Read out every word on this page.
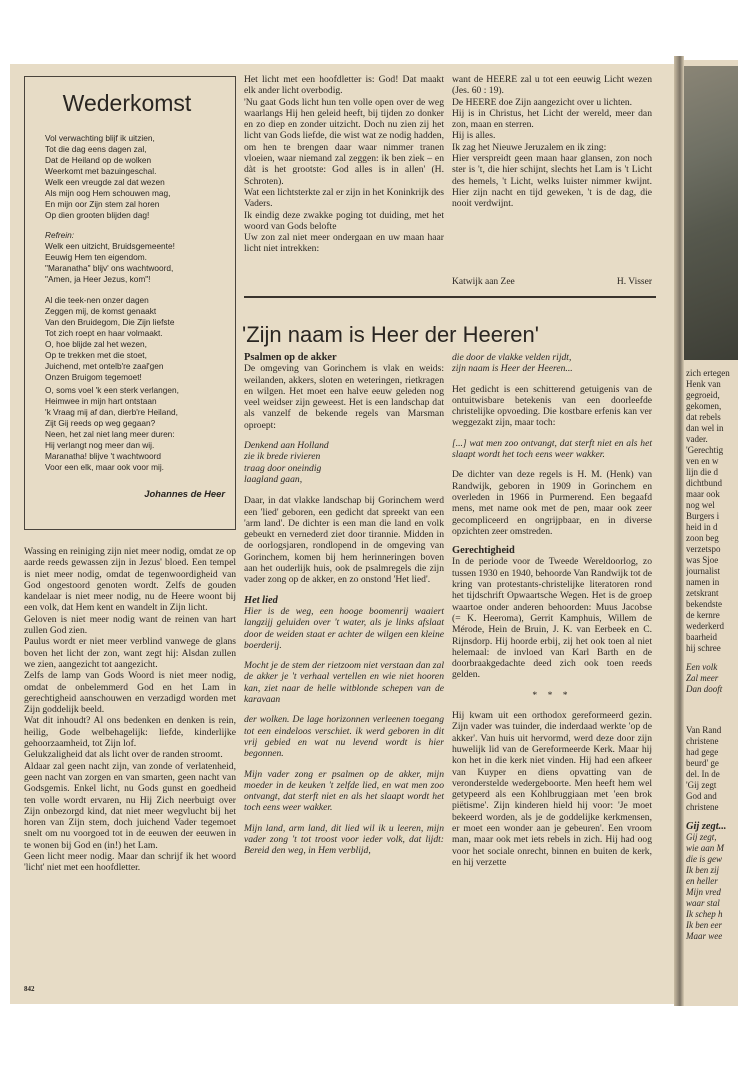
Wederkomst
Vol verwachting blijf ik uitzien,
Tot die dag eens dagen zal,
Dat de Heiland op de wolken
Weerkomt met bazuingeschal.
Welk een vreugde zal dat wezen
Als mijn oog Hem schouwen mag,
En mijn oor Zijn stem zal horen
Op dien grooten blijden dag!
Refrein:
Welk een uitzicht, Bruidsgemeente!
Eeuwig Hem ten eigendom.
"Maranatha" blijv' ons wachtwoord,
"Amen, ja Heer Jezus, kom"!
Al die teek-nen onzer dagen
Zeggen mij, de komst genaakt
Van den Bruidegom, Die Zijn liefste
Tot zich roept en haar volmaakt.
O, hoe blijde zal het wezen,
Op te trekken met die stoet,
Juichend, met ontelb're zaal'gen
Onzen Bruigom tegemoet!
O, soms voel 'k een sterk verlangen,
Heimwee in mijn hart ontstaan
'k Vraag mij af dan, dierb're Heiland,
Zijt Gij reeds op weg gegaan?
Neen, het zal niet lang meer duren:
Hij verlangt nog meer dan wij.
Maranatha! blijve 't wachtwoord
Voor een elk, maar ook voor mij.
Johannes de Heer

Wassing en reiniging zijn niet meer nodig, omdat ze op aarde reeds gewassen zijn in Jezus' bloed. Een tempel is niet meer nodig, omdat de tegenwoordigheid van God ongestoord genoten wordt. Zelfs de gouden kandelaar is niet meer nodig, nu de Heere woont bij een volk, dat Hem kent en wandelt in Zijn licht.

Geloven is niet meer nodig want de reinen van hart zullen God zien.

Paulus wordt er niet meer verblind vanwege de glans boven het licht der zon, want zegt hij: Alsdan zullen we zien, aangezicht tot aangezicht.

Zelfs de lamp van Gods Woord is niet meer nodig, omdat de onbelemmerd God en het Lam in gerechtigheid aanschouwen en verzadigd worden met Zijn goddelijk beeld.

Wat dit inhoudt? Al ons bedenken en denken is rein, heilig, Gode welbehagelijk: liefde, kinderlijke gehoorzaamheid, tot Zijn lof.

Gelukzaligheid dat als licht over de randen stroomt.

Aldaar zal geen nacht zijn, van zonde of verlatenheid, geen nacht van zorgen en van smarten, geen nacht van Godsgemis. Enkel licht, nu Gods gunst en goedheid ten volle wordt ervaren, nu Hij Zich neerbuigt over Zijn onbezorgd kind, dat niet meer wegvlucht bij het horen van Zijn stem, doch juichend Vader tegemoet snelt om nu voorgoed tot in de eeuwen der eeuwen in te wonen bij God en (in!) het Lam.

Geen licht meer nodig. Maar dan schrijf ik het woord 'licht' niet met een hoofdletter.

Het licht met een hoofdletter is: God! Dat maakt elk ander licht overbodig.

'Nu gaat Gods licht hun ten volle open over de weg waarlangs Hij hen geleid heeft, bij tijden zo donker en zo diep en zonder uitzicht. Doch nu zien zij het licht van Gods liefde, die wist wat ze nodig hadden, om hen te brengen daar waar nimmer tranen vloeien, waar niemand zal zeggen: ik ben ziek – en dàt is het grootste: God alles is in allen' (H. Schroten).

Wat een lichtsterkte zal er zijn in het Koninkrijk des Vaders.

Ik eindig deze zwakke poging tot duiding, met het woord van Gods belofte

Uw zon zal niet meer ondergaan en uw maan haar licht niet intrekken:

want de HEERE zal u tot een eeuwig Licht wezen (Jes. 60 : 19).

De HEERE doe Zijn aangezicht over u lichten.

Hij is in Christus, het Licht der wereld, meer dan zon, maan en sterren.

Hij is alles.

Ik zag het Nieuwe Jeruzalem en ik zing:

Hier verspreidt geen maan haar glansen, zon noch ster is 't, die hier schijnt, slechts het Lam is 't Licht des hemels, 't Licht, welks luister nimmer kwijnt. Hier zijn nacht en tijd geweken, 't is de dag, die nooit verdwijnt.

Katwijk aan Zee	H. Visser
'Zijn naam is Heer der Heeren'

Psalmen op de akker

De omgeving van Gorinchem is vlak en weids: weilanden, akkers, sloten en weteringen, rietkragen en wilgen. Het moet een halve eeuw geleden nog veel weidser zijn geweest. Het is een landschap dat als vanzelf de bekende regels van Marsman oproept:

Denkend aan Holland
zie ik brede rivieren
traag door oneindig
laagland gaan,

Daar, in dat vlakke landschap bij Gorinchem werd een 'lied' geboren, een gedicht dat spreekt van een 'arm land'. De dichter is een man die land en volk gebeukt en vernederd ziet door tirannie. Midden in de oorlogsjaren, rondlopend in de omgeving van Gorinchem, komen bij hem herinneringen boven aan het ouderlijk huis, ook de psalmregels die zijn vader zong op de akker, en zo onstond 'Het lied'.

Het lied

Hier is de weg, een hooge boomenrij waaiert langzijj geluiden over 't water, als je links afslaat door de weiden staat er achter de wilgen een kleine boerderij.

Mocht je de stem der rietzoom niet verstaan dan zal de akker je 't verhaal vertellen en wie niet hooren kan, ziet naar de helle witblonde schepen van de karavaan

der wolken. De lage horizonnen verleenen toegang tot een eindeloos verschiet. ik werd geboren in dit vrij gebied en wat nu levend wordt is hier begonnen.

Mijn vader zong er psalmen op de akker, mijn moeder in de keuken 't zelfde lied, en wat men zoo ontvangt, dat sterft niet en als het slaapt wordt het toch eens weer wakker.

Mijn land, arm land, dit lied wil ik u leeren, mijn vader zong 't tot troost voor ieder volk, dat lijdt: Bereid den weg, in Hem verblijd,

die door de vlakke velden rijdt,
zijn naam is Heer der Heeren...

Het gedicht is een schitterend getuigenis van de ontuitwisbare betekenis van een doorleefde christelijke opvoeding. Die kostbare erfenis kan ver weggezakt zijn, maar toch:

[...] wat men zoo ontvangt, dat sterft niet en als het slaapt wordt het toch eens weer wakker.

De dichter van deze regels is H. M. (Henk) van Randwijk, geboren in 1909 in Gorinchem en overleden in 1966 in Purmerend. Een begaafd mens, met name ook met de pen, maar ook zeer gecompliceerd en ongrijpbaar, en in diverse opzichten zeer omstreden.

Gerechtigheid

In de periode voor de Tweede Wereldoorlog, zo tussen 1930 en 1940, behoorde Van Randwijk tot de kring van protestants-christelijke literatoren rond het tijdschrift Opwaartsche Wegen. Het is de groep waartoe onder anderen behoorden: Muus Jacobse (= K. Heeroma), Gerrit Kamphuis, Willem de Mérode, Hein de Bruin, J. K. van Eerbeek en C. Rijnsdorp. Hij hoorde erbij, zij het ook toen al niet helemaal: de invloed van Karl Barth en de doorbraakgedachte deed zich ook toen reeds gelden.

* * *

Hij kwam uit een orthodox gereformeerd gezin. Zijn vader was tuinder, die inderdaad werkte 'op de akker'. Van huis uit hervormd, werd deze door zijn huwelijk lid van de Gereformeerde Kerk. Maar hij kon het in die kerk niet vinden. Hij had een afkeer van Kuyper en diens opvatting van de veronderstelde wedergeboorte. Men heeft hem wel getypeerd als een Kohlbruggiaan met 'een brok piëtisme'. Zijn kinderen hield hij voor: 'Je moet bekeerd worden, als je de goddelijke kerkmensen, er moet een wonder aan je gebeuren'. Een vroom man, maar ook met iets rebels in zich. Hij had oog voor het sociale onrecht, binnen en buiten de kerk, en hij verzette

zich ertegen
Henk van
gegroeid,
gekomen,
dat rebels
dan wel in
vader.
'Gerechtig
ven en w
lijn die d
dichtbund
maar ook
nog wel
Burgers i
heid in d
zoon beg
verzetspo
was Sjoe
journalist
namen in
zetskrant
bekendste
de kernre
wederkerd
baarheid
hij schree
Een volk
Zal meer
Dan dooft
Van Rand
christene
had gege
beurd' ge
del. In de
'Gij zegt
God and
christene

Gij zegt...

Gij zegt,
wie aan M
die is gew
Ik ben zij
en heller
Mijn vred
waar stal
Ik schep h
Ik ben eer
Maar wee
842
